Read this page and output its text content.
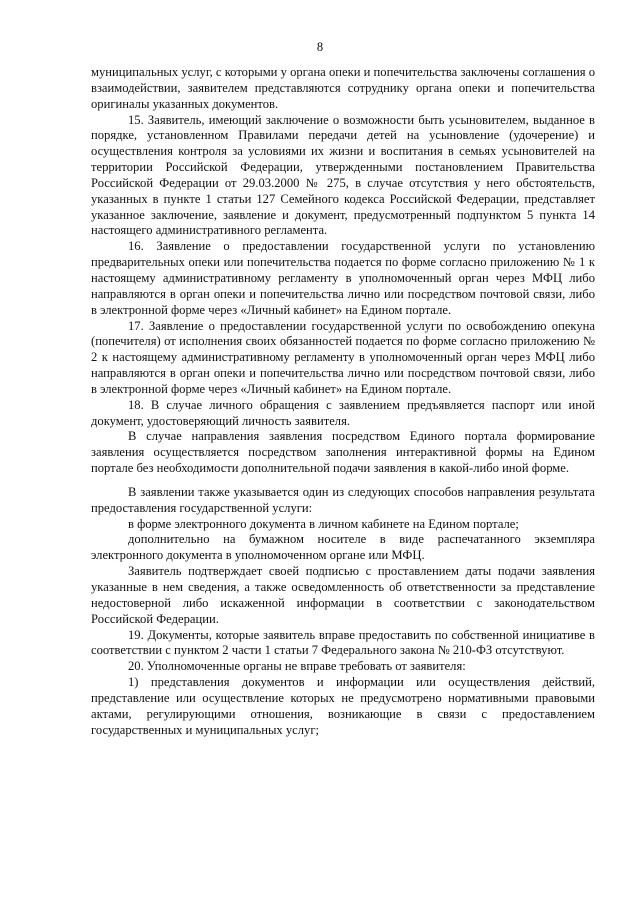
8

муниципальных услуг, с которыми у органа опеки и попечительства заключены соглашения о взаимодействии, заявителем представляются сотруднику органа опеки и попечительства оригиналы указанных документов.

15. Заявитель, имеющий заключение о возможности быть усыновителем, выданное в порядке, установленном Правилами передачи детей на усыновление (удочерение) и осуществления контроля за условиями их жизни и воспитания в семьях усыновителей на территории Российской Федерации, утвержденными постановлением Правительства Российской Федерации от 29.03.2000 № 275, в случае отсутствия у него обстоятельств, указанных в пункте 1 статьи 127 Семейного кодекса Российской Федерации, представляет указанное заключение, заявление и документ, предусмотренный подпунктом 5 пункта 14 настоящего административного регламента.

16. Заявление о предоставлении государственной услуги по установлению предварительных опеки или попечительства подается по форме согласно приложению № 1 к настоящему административному регламенту в уполномоченный орган через МФЦ либо направляются в орган опеки и попечительства лично или посредством почтовой связи, либо в электронной форме через «Личный кабинет» на Едином портале.

17. Заявление о предоставлении государственной услуги по освобождению опекуна (попечителя) от исполнения своих обязанностей подается по форме согласно приложению № 2 к настоящему административному регламенту в уполномоченный орган через МФЦ либо направляются в орган опеки и попечительства лично или посредством почтовой связи, либо в электронной форме через «Личный кабинет» на Едином портале.

18. В случае личного обращения с заявлением предъявляется паспорт или иной документ, удостоверяющий личность заявителя.

В случае направления заявления посредством Единого портала формирование заявления осуществляется посредством заполнения интерактивной формы на Едином портале без необходимости дополнительной подачи заявления в какой-либо иной форме.

В заявлении также указывается один из следующих способов направления результата предоставления государственной услуги:

в форме электронного документа в личном кабинете на Едином портале;

дополнительно на бумажном носителе в виде распечатанного экземпляра электронного документа в уполномоченном органе или МФЦ.

Заявитель подтверждает своей подписью с проставлением даты подачи заявления указанные в нем сведения, а также осведомленность об ответственности за представление недостоверной либо искаженной информации в соответствии с законодательством Российской Федерации.

19. Документы, которые заявитель вправе предоставить по собственной инициативе в соответствии с пунктом 2 части 1 статьи 7 Федерального закона № 210-ФЗ отсутствуют.

20. Уполномоченные органы не вправе требовать от заявителя:

1) представления документов и информации или осуществления действий, представление или осуществление которых не предусмотрено нормативными правовыми актами, регулирующими отношения, возникающие в связи с предоставлением государственных и муниципальных услуг;
